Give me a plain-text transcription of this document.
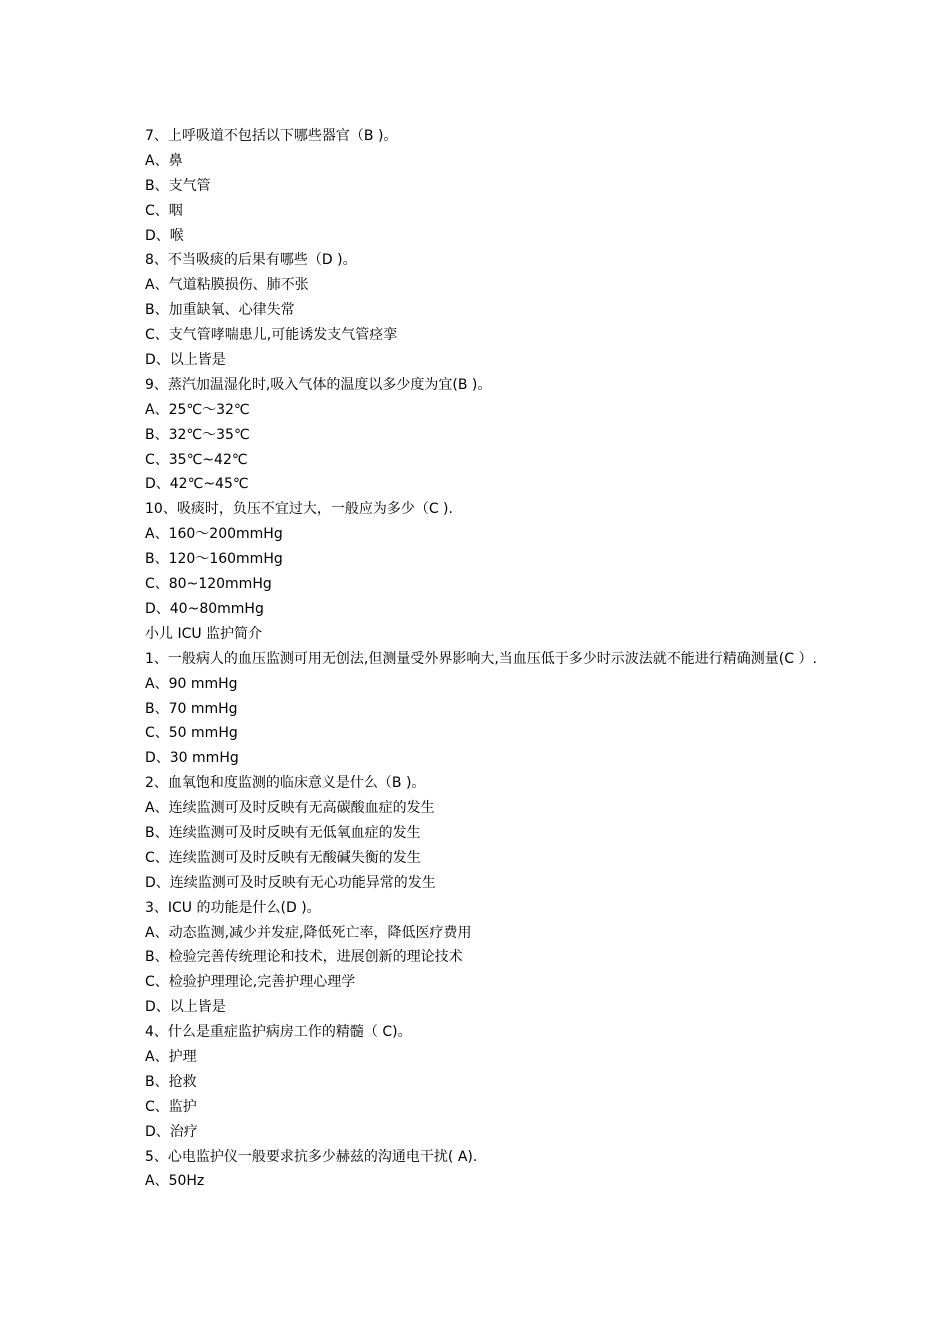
7、上呼吸道不包括以下哪些器官（B )。
A、鼻
B、支气管
C、咽
D、喉
8、不当吸痰的后果有哪些（D )。
A、气道粘膜损伤、肺不张
B、加重缺氧、心律失常
C、支气管哮喘患儿,可能诱发支气管痉挛
D、以上皆是
9、蒸汽加温湿化时,吸入气体的温度以多少度为宜(B )。
A、25℃～32℃
B、32℃～35℃
C、35℃~42℃
D、42℃~45℃
10、吸痰时，负压不宜过大，一般应为多少（C ).
A、160～200mmHg
B、120～160mmHg
C、80~120mmHg
D、40~80mmHg
小儿 ICU 监护简介
1、一般病人的血压监测可用无创法,但测量受外界影响大,当血压低于多少时示波法就不能进行精确测量(C ）.
A、90 mmHg
B、70 mmHg
C、50 mmHg
D、30 mmHg
2、血氧饱和度监测的临床意义是什么（B )。
A、连续监测可及时反映有无高碳酸血症的发生
B、连续监测可及时反映有无低氧血症的发生
C、连续监测可及时反映有无酸碱失衡的发生
D、连续监测可及时反映有无心功能异常的发生
3、ICU 的功能是什么(D )。
A、动态监测,减少并发症,降低死亡率，降低医疗费用
B、检验完善传统理论和技术，进展创新的理论技术
C、检验护理理论,完善护理心理学
D、以上皆是
4、什么是重症监护病房工作的精髓（ C)。
A、护理
B、抢救
C、监护
D、治疗
5、心电监护仪一般要求抗多少赫兹的沟通电干扰( A).
A、50Hz
